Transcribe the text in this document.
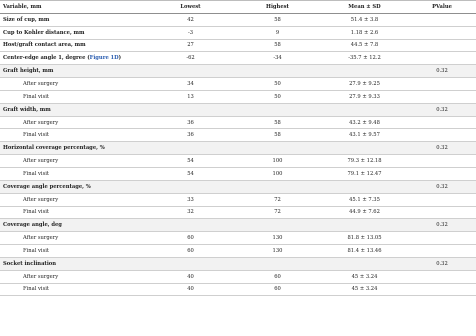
Variable, mm	Lowest	Highest	Mean ± SD	PValue
Size of cup, mm	42	58	51.4 ± 3.8	
Cup to Kohler distance, mm	-3	9	1.18 ± 2.6	
Host/graft contact area, mm	27	58	44.5 ± 7.8	
Center-edge angle 1, degree (Figure 1D)	-62	-34	-35.7 ± 12.2	
Graft height, mm				0.32
After surgery	34	50	27.9 ± 9.25	
Final visit	13	50	27.9 ± 9.33	
Graft width, mm				0.32
After surgery	36	58	43.2 ± 9.48	
Final visit	36	58	43.1 ± 9.57	
Horizontal coverage percentage, %				0.32
After surgery	54	100	79.3 ± 12.18	
Final visit	54	100	79.1 ± 12.47	
Coverage angle percentage, %				0.32
After surgery	33	72	45.1 ± 7.35	
Final visit	32	72	44.9 ± 7.62	
Coverage angle, deg				0.32
After surgery	60	130	81.8 ± 13.05	
Final visit	60	130	81.4 ± 13.46	
Socket inclination				0.32
After surgery	40	60	45 ± 3.24	
Final visit	40	60	45 ± 3.24	
